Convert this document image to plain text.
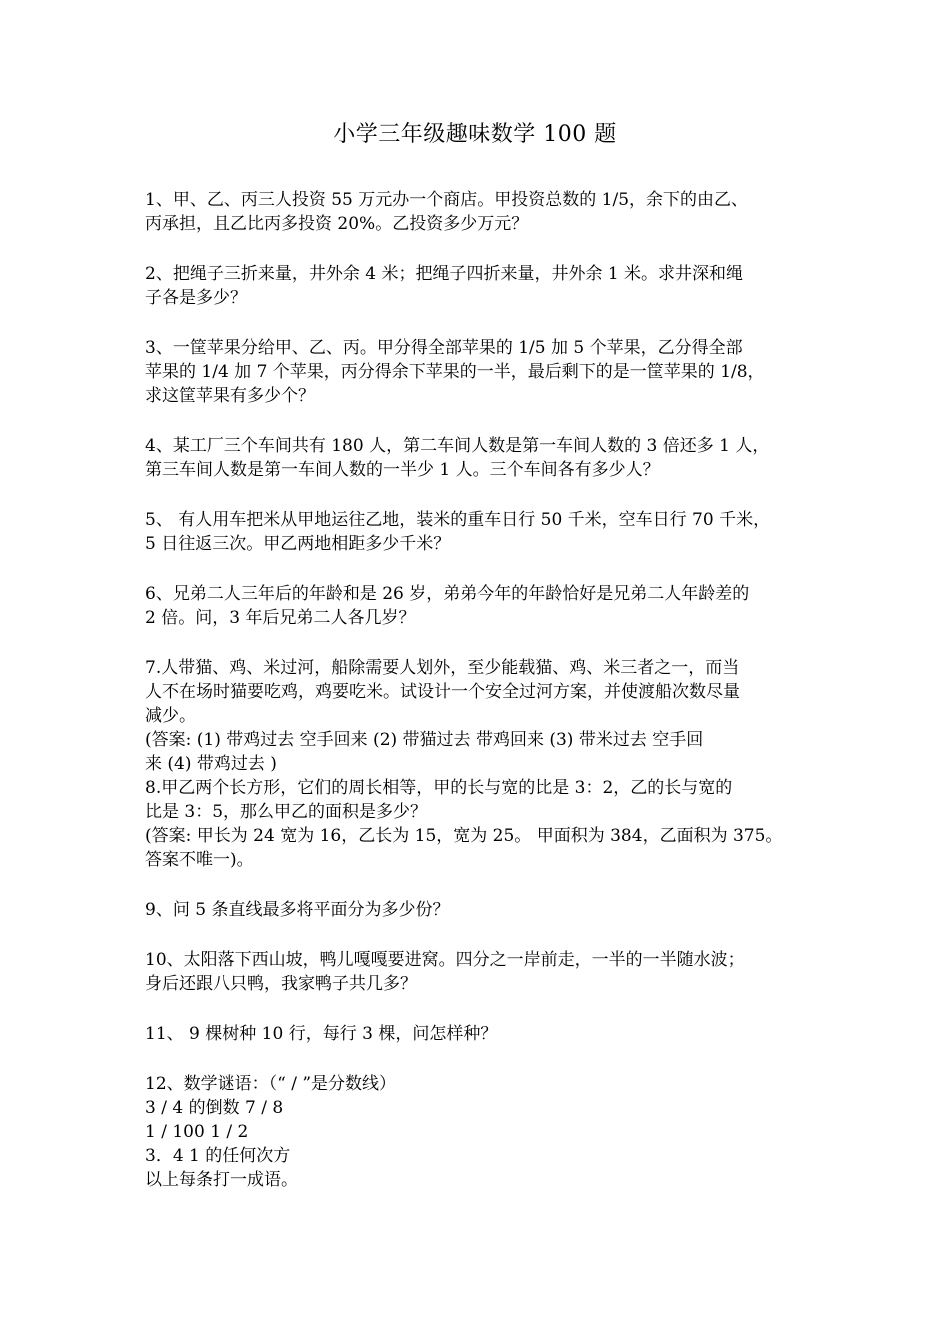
小学三年级趣味数学 100 题
1、甲、乙、丙三人投资 55 万元办一个商店。甲投资总数的 1/5，余下的由乙、
丙承担，且乙比丙多投资 20%。乙投资多少万元？
2、把绳子三折来量，井外余 4 米；把绳子四折来量，井外余 1 米。求井深和绳
子各是多少？
3、一筐苹果分给甲、乙、丙。甲分得全部苹果的 1/5 加 5 个苹果，乙分得全部
苹果的 1/4 加 7 个苹果，丙分得余下苹果的一半，最后剩下的是一筐苹果的 1/8，
求这筐苹果有多少个？
4、某工厂三个车间共有 180 人，第二车间人数是第一车间人数的 3 倍还多 1 人，
第三车间人数是第一车间人数的一半少 1 人。三个车间各有多少人？
5、 有人用车把米从甲地运往乙地，装米的重车日行 50 千米，空车日行 70 千米，
5 日往返三次。甲乙两地相距多少千米？
6、兄弟二人三年后的年龄和是 26 岁，弟弟今年的年龄恰好是兄弟二人年龄差的
2 倍。问，3 年后兄弟二人各几岁？
7.人带猫、鸡、米过河，船除需要人划外，至少能载猫、鸡、米三者之一，而当
人不在场时猫要吃鸡，鸡要吃米。试设计一个安全过河方案，并使渡船次数尽量
减少。
(答案: (1) 带鸡过去 空手回来 (2) 带猫过去 带鸡回来 (3) 带米过去 空手回
来 (4) 带鸡过去 )
8.甲乙两个长方形，它们的周长相等，甲的长与宽的比是 3：2，乙的长与宽的
比是 3：5，那么甲乙的面积是多少？
(答案: 甲长为 24 宽为 16，乙长为 15，宽为 25。 甲面积为 384，乙面积为 375。
答案不唯一)。
9、问 5 条直线最多将平面分为多少份？
10、太阳落下西山坡，鸭儿嘎嘎要进窝。四分之一岸前走，一半的一半随水波；
身后还跟八只鸭，我家鸭子共几多？
11、 9 棵树种 10 行，每行 3 棵，问怎样种？
12、数学谜语：（“ / ”是分数线）
3 / 4 的倒数 7 / 8
1 / 100 1 / 2
3．4 1 的任何次方
以上每条打一成语。
